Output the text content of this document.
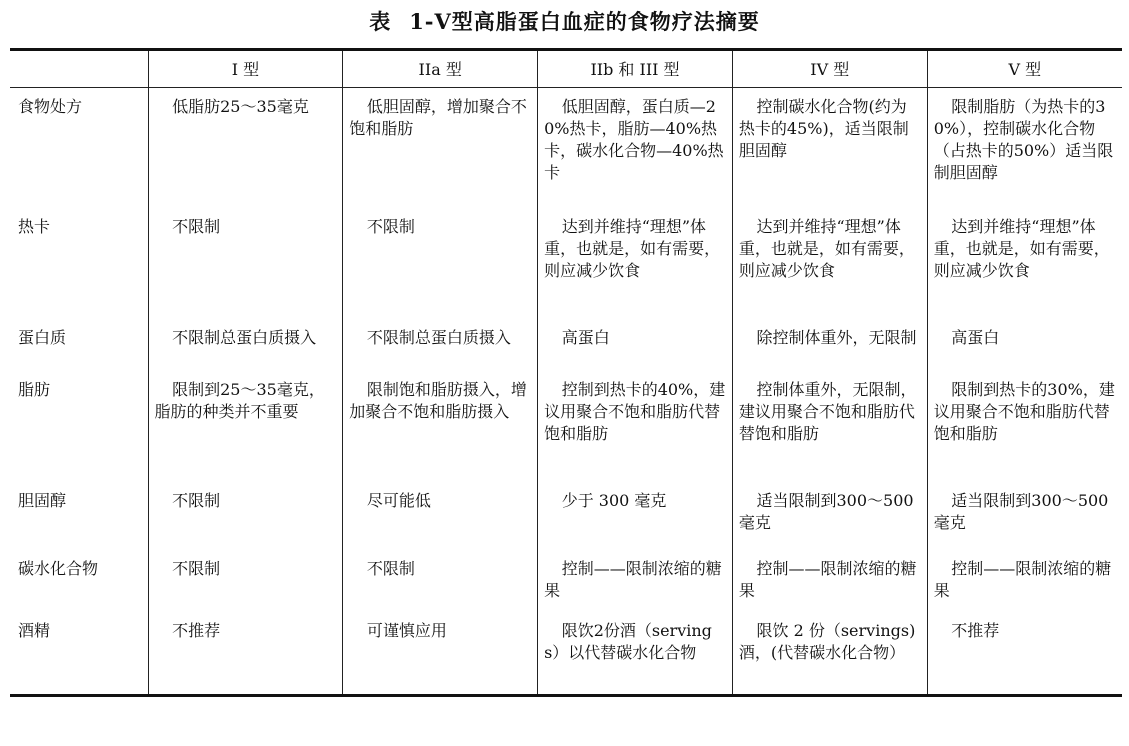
表 1-V型高脂蛋白血症的食物疗法摘要
	I 型	IIa 型	IIb 和 III 型	IV 型	V 型
食物处方	低脂肪25～35毫克	低胆固醇，增加聚合不饱和脂肪	低胆固醇，蛋白质—20%热卡，脂肪—40%热卡，碳水化合物—40%热卡	控制碳水化合物(约为热卡的45%)，适当限制胆固醇	限制脂肪（为热卡的30%），控制碳水化合物（占热卡的50%）适当限制胆固醇
热卡	不限制	不限制	达到并维持“理想”体重，也就是，如有需要，则应减少饮食	达到并维持“理想”体重，也就是，如有需要，则应减少饮食	达到并维持“理想”体重，也就是，如有需要，则应减少饮食
蛋白质	不限制总蛋白质摄入	不限制总蛋白质摄入	高蛋白	除控制体重外，无限制	高蛋白
脂肪	限制到25～35毫克，脂肪的种类并不重要	限制饱和脂肪摄入，增加聚合不饱和脂肪摄入	控制到热卡的40%，建议用聚合不饱和脂肪代替饱和脂肪	控制体重外，无限制，建议用聚合不饱和脂肪代替饱和脂肪	限制到热卡的30%，建议用聚合不饱和脂肪代替饱和脂肪
胆固醇	不限制	尽可能低	少于 300 毫克	适当限制到300～500毫克	适当限制到300～500毫克
碳水化合物	不限制	不限制	控制——限制浓缩的糖果	控制——限制浓缩的糖果	控制——限制浓缩的糖果
酒精	不推荐	可谨慎应用	限饮2份酒（servings）以代替碳水化合物	限饮 2 份（servings)酒，(代替碳水化合物）	不推荐
